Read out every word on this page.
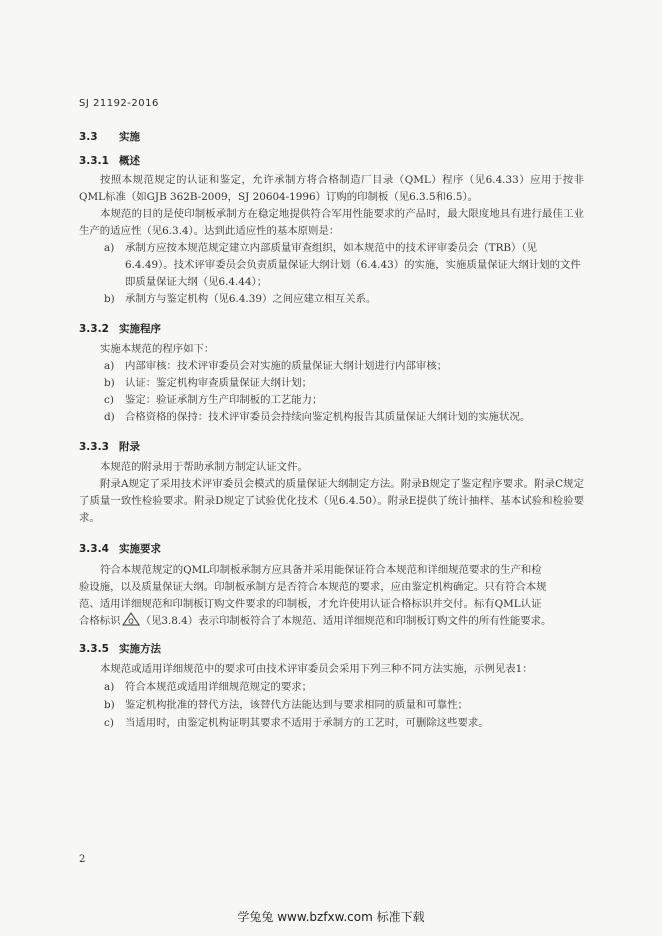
SJ 21192-2016
3.3 实施
3.3.1 概述
按照本规范规定的认证和鉴定，允许承制方将合格制造厂目录（QML）程序（见6.4.33）应用于按非QML标准（如GJB 362B-2009，SJ 20604-1996）订购的印制板（见6.3.5和6.5）。
本规范的目的是使印制板承制方在稳定地提供符合军用性能要求的产品时，最大限度地具有进行最佳工业生产的适应性（见6.3.4）。达到此适应性的基本原则是：
a) 承制方应按本规范规定建立内部质量审查组织，如本规范中的技术评审委员会（TRB）（见6.4.49）。技术评审委员会负责质量保证大纲计划（6.4.43）的实施，实施质量保证大纲计划的文件即质量保证大纲（见6.4.44）；
b) 承制方与鉴定机构（见6.4.39）之间应建立相互关系。
3.3.2 实施程序
实施本规范的程序如下：
a) 内部审核：技术评审委员会对实施的质量保证大纲计划进行内部审核；
b) 认证：鉴定机构审查质量保证大纲计划；
c) 鉴定：验证承制方生产印制板的工艺能力；
d) 合格资格的保持：技术评审委员会持续向鉴定机构报告其质量保证大纲计划的实施状况。
3.3.3 附录
本规范的附录用于帮助承制方制定认证文件。
附录A规定了采用技术评审委员会模式的质量保证大纲制定方法。附录B规定了鉴定程序要求。附录C规定了质量一致性检验要求。附录D规定了试验优化技术（见6.4.50）。附录E提供了统计抽样、基本试验和检验要求。
3.3.4 实施要求
符合本规范规定的QML印制板承制方应具备并采用能保证符合本规范和详细规范要求的生产和检
验设施，以及质量保证大纲。印制板承制方是否符合本规范的要求，应由鉴定机构确定。只有符合本规
范、适用详细规范和印制板订购文件要求的印制板，才允许使用认证合格标识并交付。标有QML认证
合格标识 Q （见3.8.4）表示印制板符合了本规范、适用详细规范和印制板订购文件的所有性能要求。
3.3.5 实施方法
本规范或适用详细规范中的要求可由技术评审委员会采用下列三种不同方法实施，示例见表1：
a) 符合本规范或适用详细规范规定的要求；
b) 鉴定机构批准的替代方法，该替代方法能达到与要求相同的质量和可靠性；
c) 当适用时，由鉴定机构证明其要求不适用于承制方的工艺时，可删除这些要求。
2
学兔兔 www.bzfxw.com 标准下载
